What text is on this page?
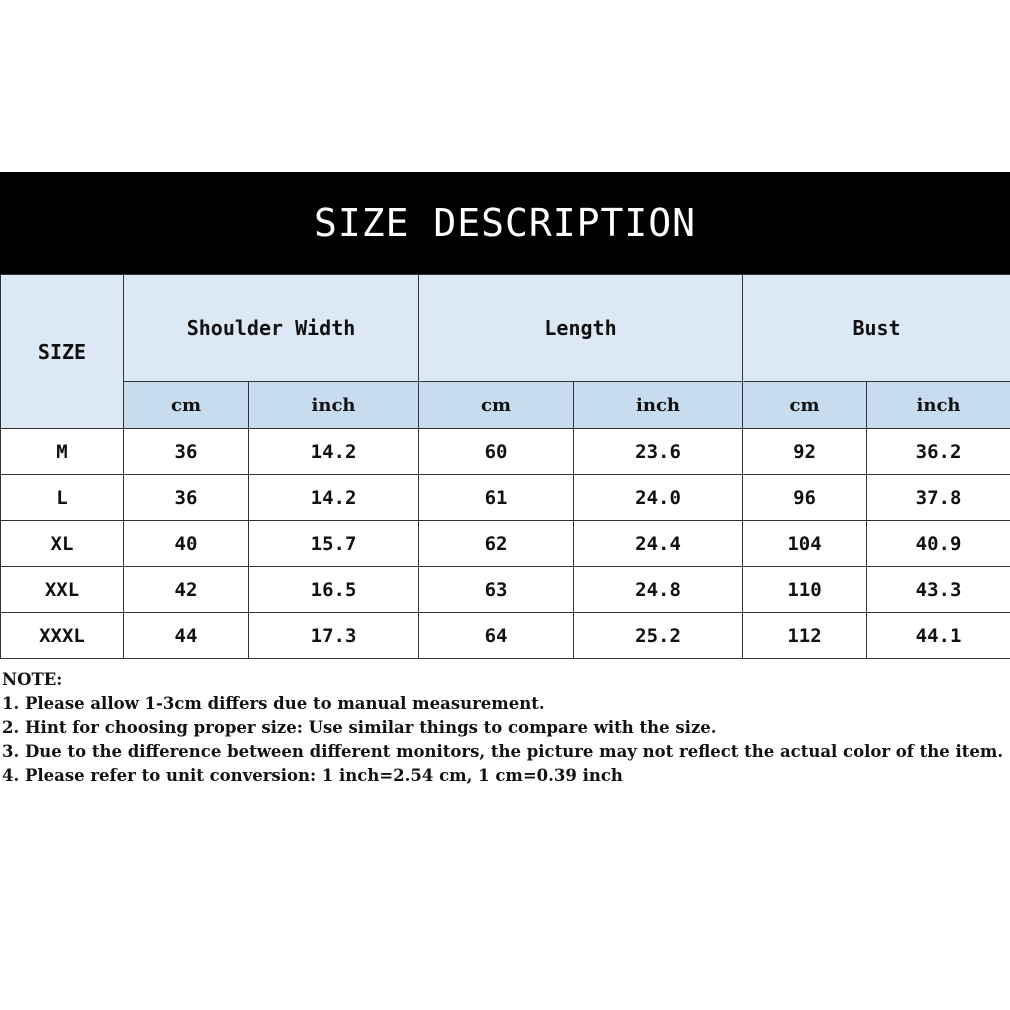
SIZE DESCRIPTION
SIZE	Shoulder Width		Length		Bust	
	cm	inch	cm	inch	cm	inch
M	36	14.2	60	23.6	92	36.2
L	36	14.2	61	24.0	96	37.8
XL	40	15.7	62	24.4	104	40.9
XXL	42	16.5	63	24.8	110	43.3
XXXL	44	17.3	64	25.2	112	44.1
NOTE:
1. Please allow 1-3cm differs due to manual measurement.
2. Hint for choosing proper size: Use similar things to compare with the size.
3. Due to the difference between different monitors, the picture may not reflect the actual color of the item.
4. Please refer to unit conversion: 1 inch=2.54 cm, 1 cm=0.39 inch
